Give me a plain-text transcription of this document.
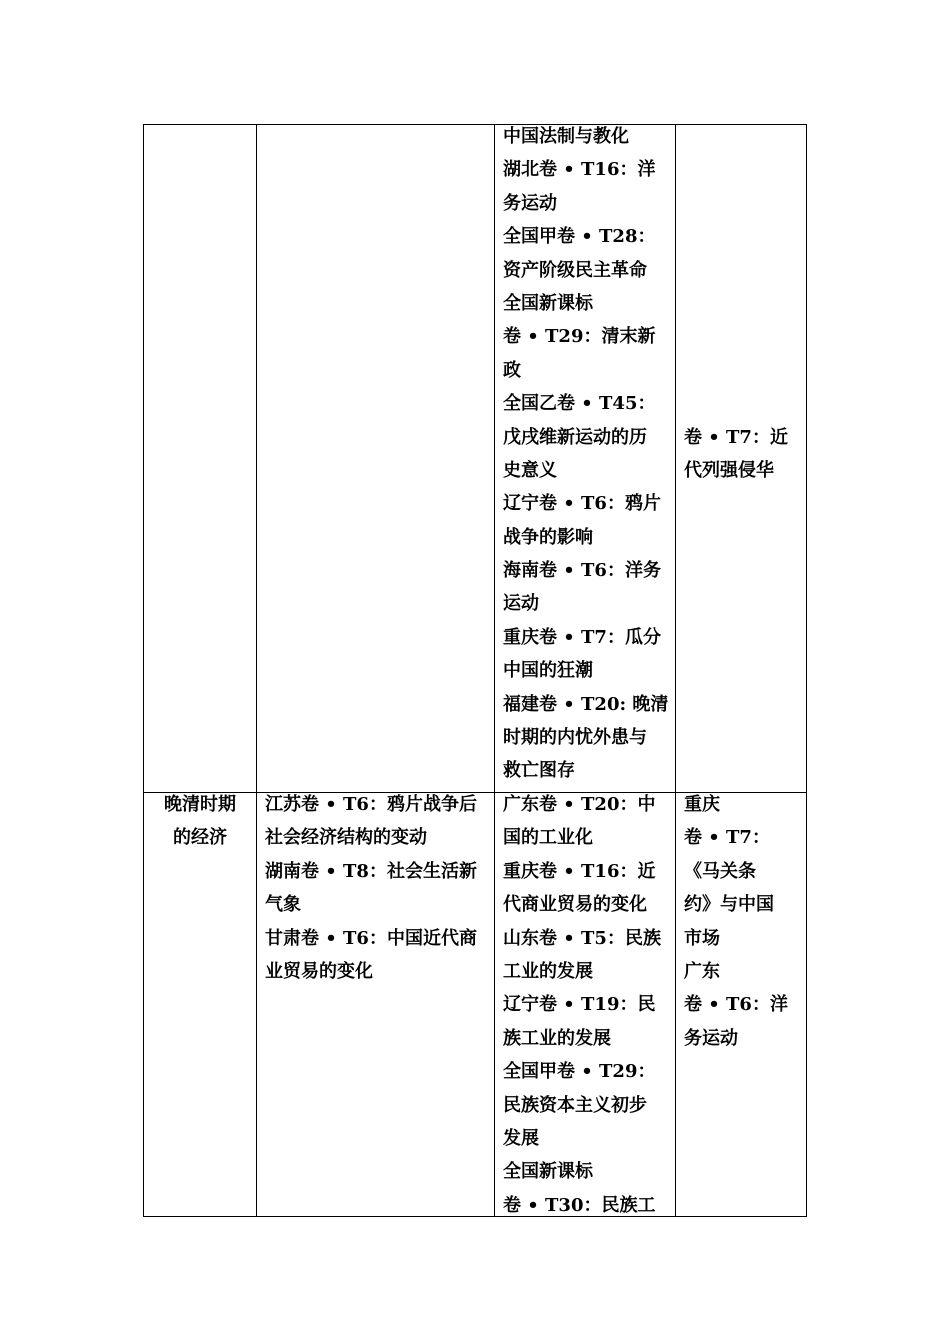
中国法制与教化
湖北卷 • T16：洋
务运动
全国甲卷 • T28：
资产阶级民主革命
全国新课标
卷 • T29：清末新
政
全国乙卷 • T45：
戊戌维新运动的历
史意义
辽宁卷 • T6：鸦片
战争的影响
海南卷 • T6：洋务
运动
重庆卷 • T7：瓜分
中国的狂潮
福建卷 • T20: 晚清
时期的内忧外患与
救亡图存
卷 • T7：近
代列强侵华
晚清时期
的经济
江苏卷 • T6：鸦片战争后
社会经济结构的变动
湖南卷 • T8：社会生活新
气象
甘肃卷 • T6：中国近代商
业贸易的变化
广东卷 • T20：中
国的工业化
重庆卷 • T16：近
代商业贸易的变化
山东卷 • T5：民族
工业的发展
辽宁卷 • T19：民
族工业的发展
全国甲卷 • T29：
民族资本主义初步
发展
全国新课标
卷 • T30：民族工
重庆
卷 • T7：
《马关条
约》与中国
市场
广东
卷 • T6：洋
务运动
